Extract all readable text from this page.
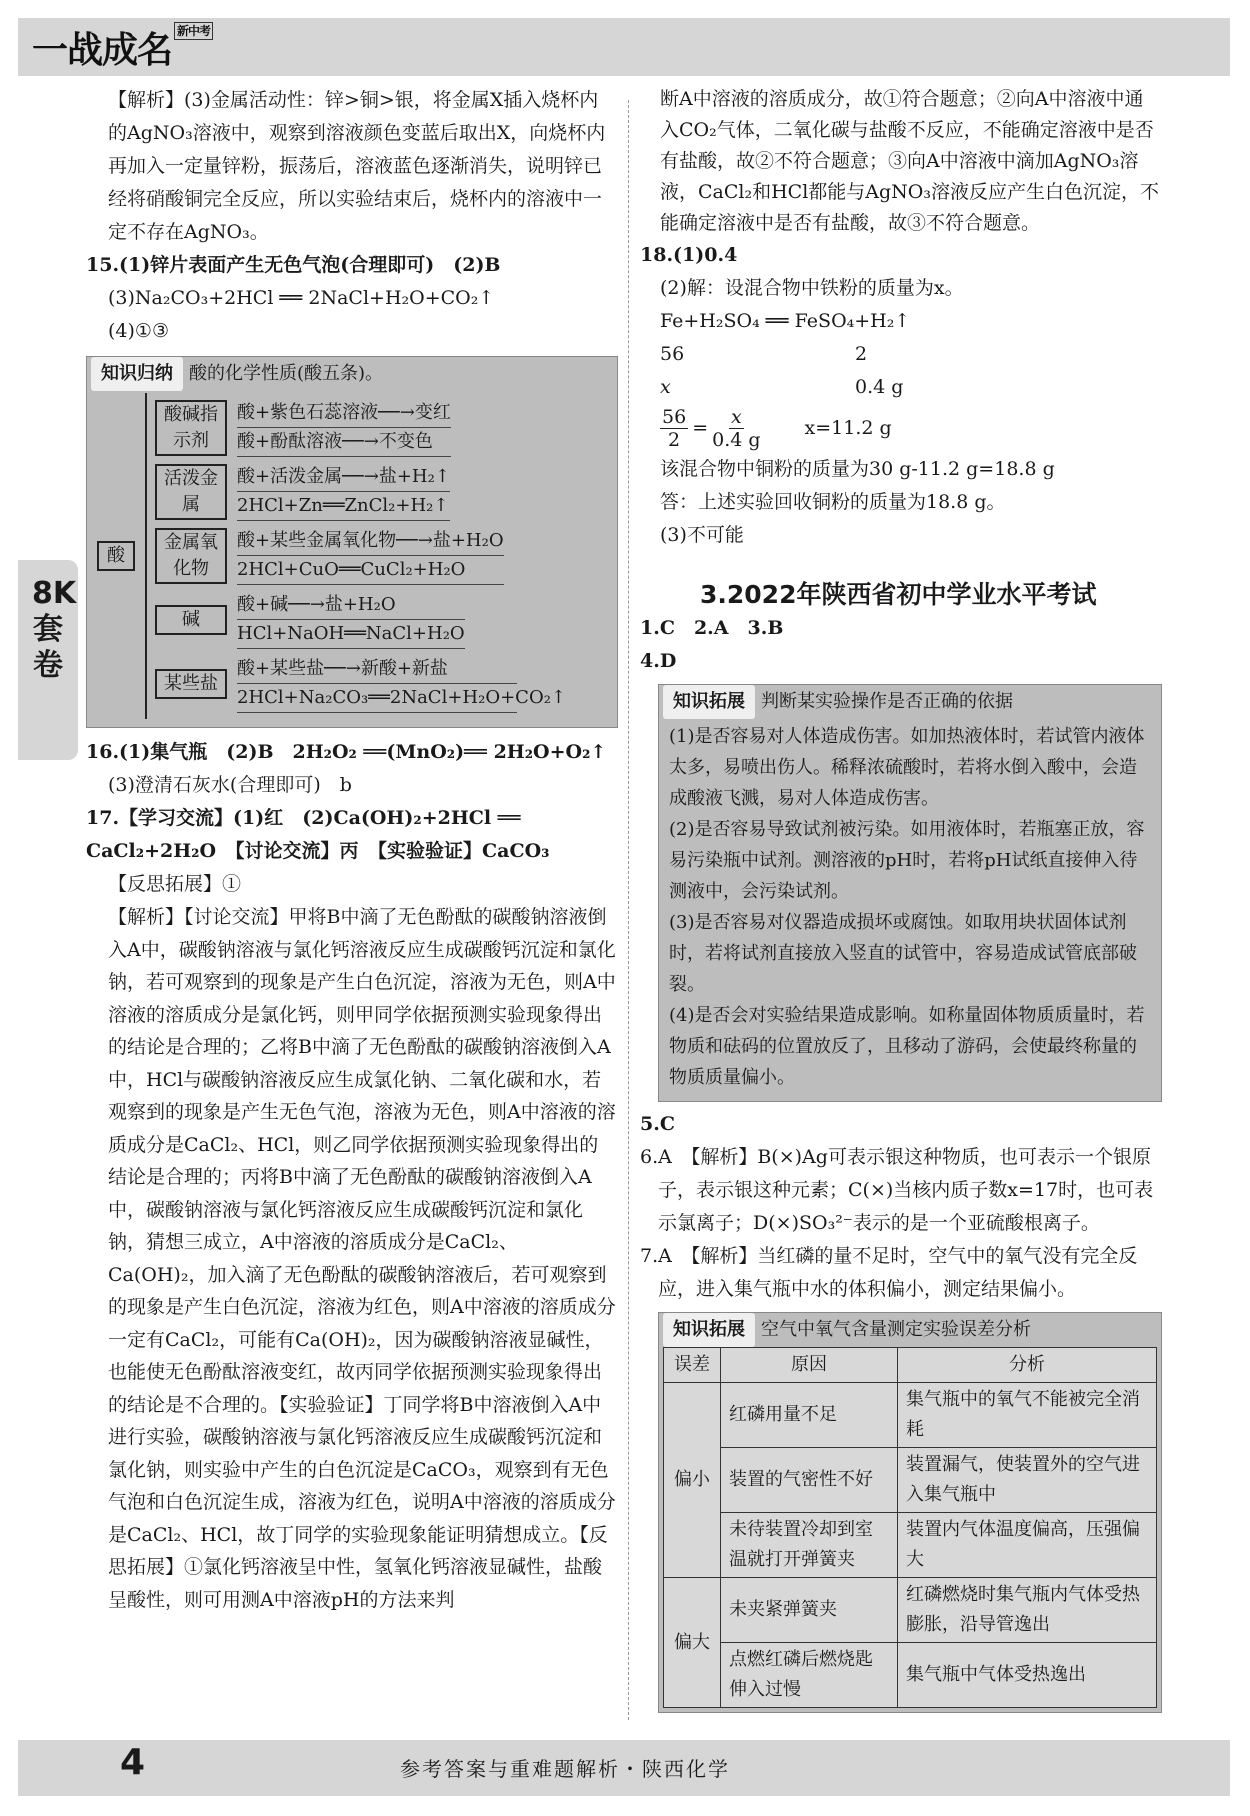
一战成名 $^{新中考}$
8K套卷
4	参考答案与重难题解析・陕西化学

【解析】(3)金属活动性：锌>铜>银，将金属X插入烧杯内的AgNO₃溶液中，观察到溶液颜色变蓝后取出X，向烧杯内再加入一定量锌粉，振荡后，溶液蓝色逐渐消失，说明锌已经将硝酸铜完全反应，所以实验结束后，烧杯内的溶液中一定不存在AgNO₃。

15.(1)锌片表面产生无色气泡(合理即可)　(2)B

(3)Na₂CO₃+2HCl ══ 2NaCl+H₂O+CO₂↑

(4)①③

知识归纳 酸的化学性质(酸五条)。
酸
酸碱指示剂
酸+紫色石蕊溶液──→变红
酸+酚酞溶液──→不变色
活泼金属
酸+活泼金属──→盐+H₂↑
2HCl+Zn══ZnCl₂+H₂↑
金属氧化物
酸+某些金属氧化物──→盐+H₂O
2HCl+CuO══CuCl₂+H₂O
碱
酸+碱──→盐+H₂O
HCl+NaOH══NaCl+H₂O
某些盐
酸+某些盐──→新酸+新盐
2HCl+Na₂CO₃══2NaCl+H₂O+CO₂↑

16.(1)集气瓶　(2)B　2H₂O₂ ══(MnO₂)══ 2H₂O+O₂↑

(3)澄清石灰水(合理即可)　b

17.【学习交流】(1)红　(2)Ca(OH)₂+2HCl ══ CaCl₂+2H₂O　【讨论交流】丙　【实验验证】CaCO₃

【反思拓展】①

【解析】【讨论交流】甲将B中滴了无色酚酞的碳酸钠溶液倒入A中，碳酸钠溶液与氯化钙溶液反应生成碳酸钙沉淀和氯化钠，若可观察到的现象是产生白色沉淀，溶液为无色，则A中溶液的溶质成分是氯化钙，则甲同学依据预测实验现象得出的结论是合理的；乙将B中滴了无色酚酞的碳酸钠溶液倒入A中，HCl与碳酸钠溶液反应生成氯化钠、二氧化碳和水，若观察到的现象是产生无色气泡，溶液为无色，则A中溶液的溶质成分是CaCl₂、HCl，则乙同学依据预测实验现象得出的结论是合理的；丙将B中滴了无色酚酞的碳酸钠溶液倒入A中，碳酸钠溶液与氯化钙溶液反应生成碳酸钙沉淀和氯化钠，猜想三成立，A中溶液的溶质成分是CaCl₂、Ca(OH)₂，加入滴了无色酚酞的碳酸钠溶液后，若可观察到的现象是产生白色沉淀，溶液为红色，则A中溶液的溶质成分一定有CaCl₂，可能有Ca(OH)₂，因为碳酸钠溶液显碱性，也能使无色酚酞溶液变红，故丙同学依据预测实验现象得出的结论是不合理的。【实验验证】丁同学将B中溶液倒入A中进行实验，碳酸钠溶液与氯化钙溶液反应生成碳酸钙沉淀和氯化钠，则实验中产生的白色沉淀是CaCO₃，观察到有无色气泡和白色沉淀生成，溶液为红色，说明A中溶液的溶质成分是CaCl₂、HCl，故丁同学的实验现象能证明猜想成立。【反思拓展】①氯化钙溶液呈中性，氢氧化钙溶液显碱性，盐酸呈酸性，则可用测A中溶液pH的方法来判

断A中溶液的溶质成分，故①符合题意；②向A中溶液中通入CO₂气体，二氧化碳与盐酸不反应，不能确定溶液中是否有盐酸，故②不符合题意；③向A中溶液中滴加AgNO₃溶液，CaCl₂和HCl都能与AgNO₃溶液反应产生白色沉淀，不能确定溶液中是否有盐酸，故③不符合题意。

18.(1)0.4

(2)解：设混合物中铁粉的质量为x。

Fe+H₂SO₄ ══ FeSO₄+H₂↑

56	2

x	0.4 g

$\frac{56}{2} = \frac{x}{0.4 g} x=11.2$ g

该混合物中铜粉的质量为30 g-11.2 g=18.8 g

答：上述实验回收铜粉的质量为18.8 g。

(3)不可能

3.2022年陕西省初中学业水平考试

1.C　2.A　3.B

4.D

知识拓展 判断某实验操作是否正确的依据

(1)是否容易对人体造成伤害。如加热液体时，若试管内液体太多，易喷出伤人。稀释浓硫酸时，若将水倒入酸中，会造成酸液飞溅，易对人体造成伤害。

(2)是否容易导致试剂被污染。如用液体时，若瓶塞正放，容易污染瓶中试剂。测溶液的pH时，若将pH试纸直接伸入待测液中，会污染试剂。

(3)是否容易对仪器造成损坏或腐蚀。如取用块状固体试剂时，若将试剂直接放入竖直的试管中，容易造成试管底部破裂。

(4)是否会对实验结果造成影响。如称量固体物质质量时，若物质和砝码的位置放反了，且移动了游码，会使最终称量的物质质量偏小。

5.C

6.A　【解析】B(×)Ag可表示银这种物质，也可表示一个银原子，表示银这种元素；C(×)当核内质子数x=17时，也可表示氯离子；D(×)SO₃²⁻表示的是一个亚硫酸根离子。

7.A　【解析】当红磷的量不足时，空气中的氧气没有完全反应，进入集气瓶中水的体积偏小，测定结果偏小。

知识拓展 空气中氧气含量测定实验误差分析
误差	原因	分析
偏小	红磷用量不足	集气瓶中的氧气不能被完全消耗
	装置的气密性不好	装置漏气，使装置外的空气进入集气瓶中
	未待装置冷却到室温就打开弹簧夹	装置内气体温度偏高，压强偏大
偏大	未夹紧弹簧夹	红磷燃烧时集气瓶内气体受热膨胀，沿导管逸出
	点燃红磷后燃烧匙伸入过慢	集气瓶中气体受热逸出
